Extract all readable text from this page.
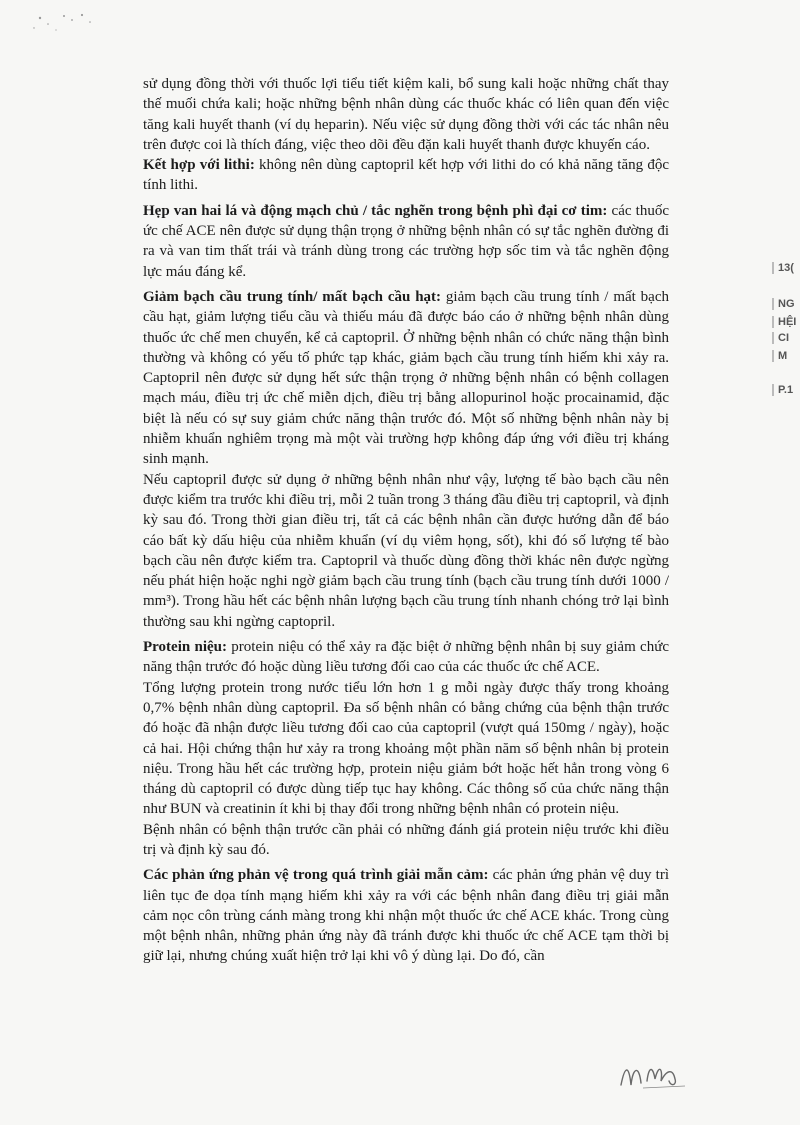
sử dụng đồng thời với thuốc lợi tiểu tiết kiệm kali, bổ sung kali hoặc những chất thay thế muối chứa kali; hoặc những bệnh nhân dùng các thuốc khác có liên quan đến việc tăng kali huyết thanh (ví dụ heparin). Nếu việc sử dụng đồng thời với các tác nhân nêu trên được coi là thích đáng, việc theo dõi đều đặn kali huyết thanh được khuyến cáo.

Kết hợp với lithi: không nên dùng captopril kết hợp với lithi do có khả năng tăng độc tính lithi.

Hẹp van hai lá và động mạch chủ / tắc nghẽn trong bệnh phì đại cơ tim: các thuốc ức chế ACE nên được sử dụng thận trọng ở những bệnh nhân có sự tắc nghẽn đường đi ra và van tim thất trái và tránh dùng trong các trường hợp sốc tim và tắc nghẽn động lực máu đáng kể.

Giảm bạch cầu trung tính/ mất bạch cầu hạt: giảm bạch cầu trung tính / mất bạch cầu hạt, giảm lượng tiểu cầu và thiếu máu đã được báo cáo ở những bệnh nhân dùng thuốc ức chế men chuyển, kể cả captopril. Ở những bệnh nhân có chức năng thận bình thường và không có yếu tố phức tạp khác, giảm bạch cầu trung tính hiếm khi xảy ra. Captopril nên được sử dụng hết sức thận trọng ở những bệnh nhân có bệnh collagen mạch máu, điều trị ức chế miễn dịch, điều trị bằng allopurinol hoặc procainamid, đặc biệt là nếu có sự suy giảm chức năng thận trước đó. Một số những bệnh nhân này bị nhiễm khuẩn nghiêm trọng mà một vài trường hợp không đáp ứng với điều trị kháng sinh mạnh.

Nếu captopril được sử dụng ở những bệnh nhân như vậy, lượng tế bào bạch cầu nên được kiểm tra trước khi điều trị, mỗi 2 tuần trong 3 tháng đầu điều trị captopril, và định kỳ sau đó. Trong thời gian điều trị, tất cả các bệnh nhân cần được hướng dẫn để báo cáo bất kỳ dấu hiệu của nhiễm khuẩn (ví dụ viêm họng, sốt), khi đó số lượng tế bào bạch cầu nên được kiểm tra. Captopril và thuốc dùng đồng thời khác nên được ngừng nếu phát hiện hoặc nghi ngờ giảm bạch cầu trung tính (bạch cầu trung tính dưới 1000 / mm³). Trong hầu hết các bệnh nhân lượng bạch cầu trung tính nhanh chóng trở lại bình thường sau khi ngừng captopril.

Protein niệu: protein niệu có thể xảy ra đặc biệt ở những bệnh nhân bị suy giảm chức năng thận trước đó hoặc dùng liều tương đối cao của các thuốc ức chế ACE.

Tổng lượng protein trong nước tiểu lớn hơn 1 g mỗi ngày được thấy trong khoảng 0,7% bệnh nhân dùng captopril. Đa số bệnh nhân có bằng chứng của bệnh thận trước đó hoặc đã nhận được liều tương đối cao của captopril (vượt quá 150mg / ngày), hoặc cả hai. Hội chứng thận hư xảy ra trong khoảng một phần năm số bệnh nhân bị protein niệu. Trong hầu hết các trường hợp, protein niệu giảm bớt hoặc hết hẳn trong vòng 6 tháng dù captopril có được dùng tiếp tục hay không. Các thông số của chức năng thận như BUN và creatinin ít khi bị thay đổi trong những bệnh nhân có protein niệu.

Bệnh nhân có bệnh thận trước cần phải có những đánh giá protein niệu trước khi điều trị và định kỳ sau đó.

Các phản ứng phản vệ trong quá trình giải mẫn cảm: các phản ứng phản vệ duy trì liên tục đe dọa tính mạng hiếm khi xảy ra với các bệnh nhân đang điều trị giải mẫn cảm nọc côn trùng cánh màng trong khi nhận một thuốc ức chế ACE khác. Trong cùng một bệnh nhân, những phản ứng này đã tránh được khi thuốc ức chế ACE tạm thời bị giữ lại, nhưng chúng xuất hiện trở lại khi vô ý dùng lại. Do đó, cần

13(
NG
HỆI
CI
M
P.1
